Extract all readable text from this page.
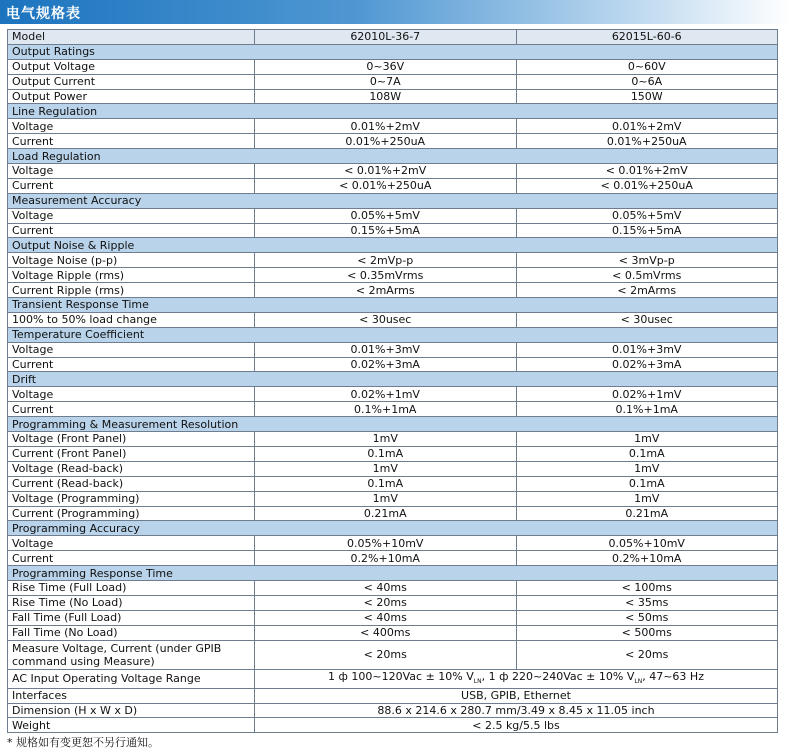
电气规格表
Model	62010L-36-7	62015L-60-6
Output Ratings		
Output Voltage	0~36V	0~60V
Output Current	0~7A	0~6A
Output Power	108W	150W
Line Regulation		
Voltage	0.01%+2mV	0.01%+2mV
Current	0.01%+250uA	0.01%+250uA
Load Regulation		
Voltage	< 0.01%+2mV	< 0.01%+2mV
Current	< 0.01%+250uA	< 0.01%+250uA
Measurement Accuracy		
Voltage	0.05%+5mV	0.05%+5mV
Current	0.15%+5mA	0.15%+5mA
Output Noise & Ripple		
Voltage Noise (p-p)	< 2mVp-p	< 3mVp-p
Voltage Ripple (rms)	< 0.35mVrms	< 0.5mVrms
Current Ripple (rms)	< 2mArms	< 2mArms
Transient Response Time		
100% to 50% load change	< 30usec	< 30usec
Temperature Coefficient		
Voltage	0.01%+3mV	0.01%+3mV
Current	0.02%+3mA	0.02%+3mA
Drift		
Voltage	0.02%+1mV	0.02%+1mV
Current	0.1%+1mA	0.1%+1mA
Programming & Measurement Resolution		
Voltage (Front Panel)	1mV	1mV
Current (Front Panel)	0.1mA	0.1mA
Voltage (Read-back)	1mV	1mV
Current (Read-back)	0.1mA	0.1mA
Voltage (Programming)	1mV	1mV
Current (Programming)	0.21mA	0.21mA
Programming Accuracy		
Voltage	0.05%+10mV	0.05%+10mV
Current	0.2%+10mA	0.2%+10mA
Programming Response Time		
Rise Time (Full Load)	< 40ms	< 100ms
Rise Time (No Load)	< 20ms	< 35ms
Fall Time (Full Load)	< 40ms	< 50ms
Fall Time (No Load)	< 400ms	< 500ms
Measure Voltage, Current (under GPIB command using Measure)	< 20ms	< 20ms
AC Input Operating Voltage Range	1 ф 100~120Vac ± 10% $V_{LN}$, 1 ф 220~240Vac ± 10% $V_{LN}$, 47~63 Hz	
Interfaces	USB, GPIB, Ethernet	
Dimension (H x W x D)	88.6 x 214.6 x 280.7 mm/3.49 x 8.45 x 11.05 inch	
Weight	< 2.5 kg/5.5 lbs	
* 规格如有变更恕不另行通知。
